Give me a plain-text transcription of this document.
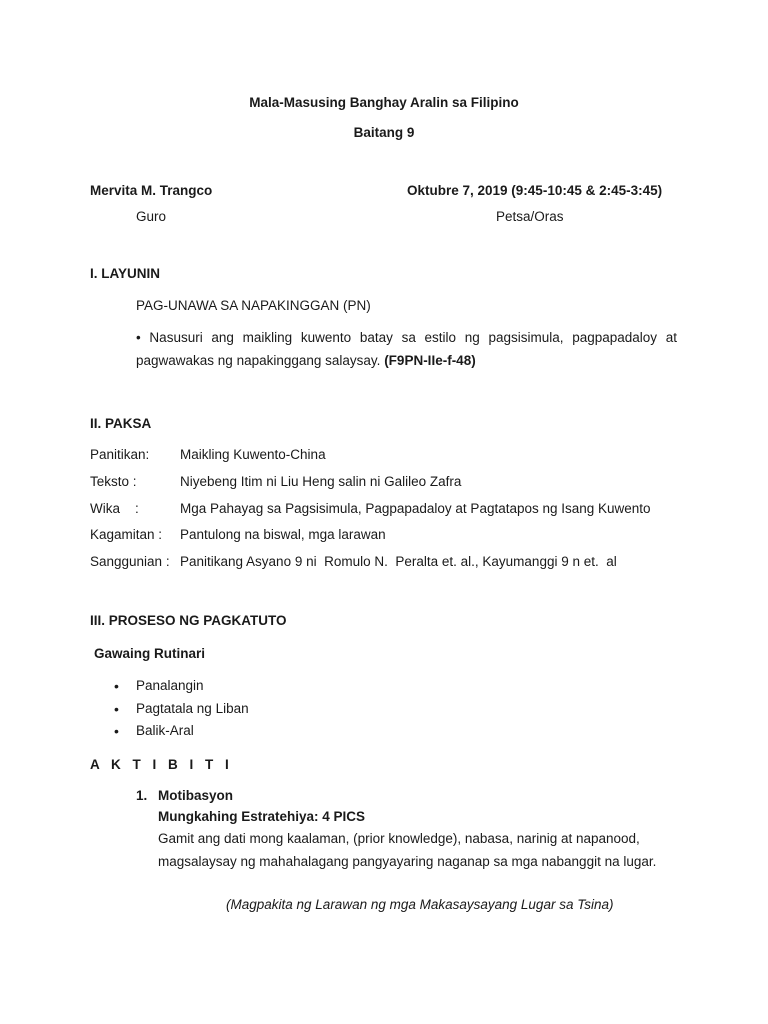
Mala-Masusing Banghay Aralin sa Filipino
Baitang 9
Mervita M. Trangco
Guro
Oktubre 7, 2019 (9:45-10:45 & 2:45-3:45)
Petsa/Oras
I. LAYUNIN
PAG-UNAWA SA NAPAKINGGAN (PN)
• Nasusuri ang maikling kuwento batay sa estilo ng pagsisimula, pagpapadaloy at
pagwawakas ng napakinggang salaysay. (F9PN-IIe-f-48)
II. PAKSA
Panitikan: Maikling Kuwento-China
Teksto :	Niyebeng Itim ni Liu Heng salin ni Galileo Zafra
Wika    :	Mga Pahayag sa Pagsisimula, Pagpapadaloy at Pagtatapos ng Isang Kuwento
Kagamitan : Pantulong na biswal, mga larawan
Sanggunian : Panitikang Asyano 9 ni  Romulo N.  Peralta et. al., Kayumanggi 9 n et.  al
III. PROSESO NG PAGKATUTO
Gawaing Rutinari
• Panalangin
• Pagtatala ng Liban
• Balik-Aral
A K T I B I T I
1. Motibasyon
Mungkahing Estratehiya: 4 PICS
Gamit ang dati mong kaalaman, (prior knowledge), nabasa, narinig at napanood,
magsalaysay ng mahahalagang pangyayaring naganap sa mga nabanggit na lugar.
(Magpakita ng Larawan ng mga Makasaysayang Lugar sa Tsina)
